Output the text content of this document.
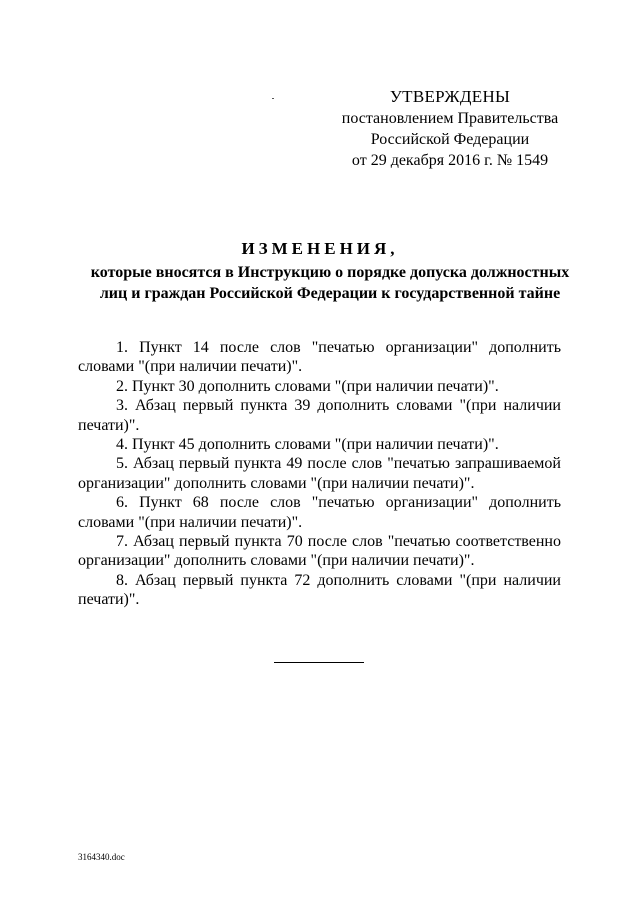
УТВЕРЖДЕНЫ
постановлением Правительства
Российской Федерации
от 29 декабря 2016 г. № 1549
ИЗМЕНЕНИЯ,
которые вносятся в Инструкцию о порядке допуска должностных
лиц и граждан Российской Федерации к государственной тайне

1. Пункт 14 после слов "печатью организации" дополнить словами "(при наличии печати)".

2. Пункт 30 дополнить словами "(при наличии печати)".

3. Абзац первый пункта 39 дополнить словами "(при наличии печати)".

4. Пункт 45 дополнить словами "(при наличии печати)".

5. Абзац первый пункта 49 после слов "печатью запрашиваемой организации" дополнить словами "(при наличии печати)".

6. Пункт 68 после слов "печатью организации" дополнить словами "(при наличии печати)".

7. Абзац первый пункта 70 после слов "печатью соответственно организации" дополнить словами "(при наличии печати)".

8. Абзац первый пункта 72 дополнить словами "(при наличии печати)".

3164340.doc
